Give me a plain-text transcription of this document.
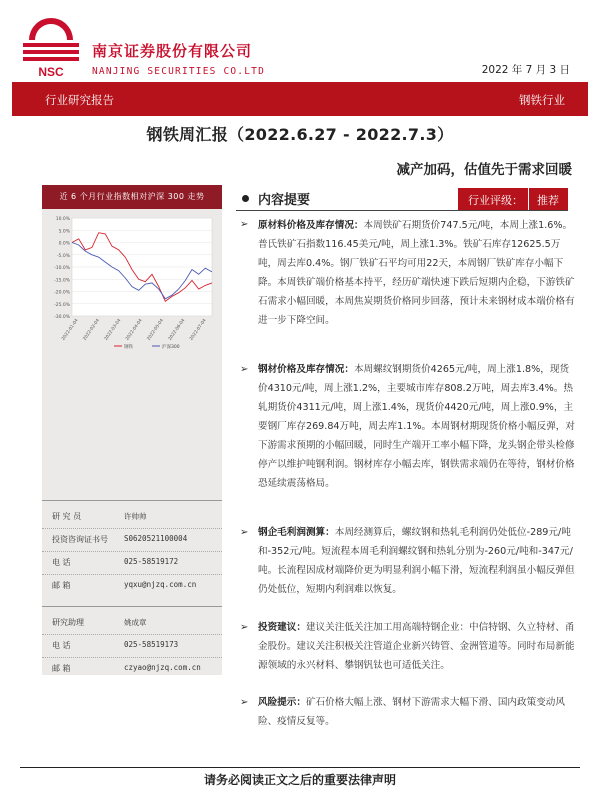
NSC
南京证券股份有限公司
NANJING SECURITIES CO.LTD	2022 年 7 月 3 日
行业研究报告	钢铁行业
钢铁周汇报（2022.6.27 - 2022.7.3）
减产加码，估值先于需求回暖
近 6 个月行业指数相对沪深 300 走势
10.0%
5.0%
0.0%
-5.0%
-10.0%
-15.0%
-20.0%
-25.0%
-30.0%
2022-01-04 2022-02-04 2022-03-04 2022-04-04 2022-05-04 2022-06-04 2022-07-04
钢铁	沪深300
研 究 员	许帅帅
投资咨询证书号	S0620521100004
电 话	025-58519172
邮 箱	yqxu@njzq.com.cn
研究助理	姚成章
电 话	025-58519173
邮 箱	czyao@njzq.com.cn
内容提要	行业评级： 推荐
➢ 原材料价格及库存情况：本周铁矿石期货价747.5元/吨，本周上涨1.6%。普氏铁矿石指数116.45美元/吨，周上涨1.3%。铁矿石库存12625.5万吨，周去库0.4%。钢厂铁矿石平均可用22天，本周钢厂铁矿库存小幅下降。本周铁矿端价格基本持平，经历矿端快速下跌后短期内企稳，下游铁矿石需求小幅回暖，本周焦炭期货价格同步回落，预计未来钢材成本端价格有进一步下降空间。

➢ 钢材价格及库存情况：本周螺纹钢期货价4265元/吨，周上涨1.8%，现货价4310元/吨，周上涨1.2%，主要城市库存808.2万吨，周去库3.4%。热轧期货价4311元/吨，周上涨1.4%，现货价4420元/吨，周上涨0.9%，主要钢厂库存269.84万吨，周去库1.1%。本周钢材期现货价格小幅反弹，对下游需求预期的小幅回暖，同时生产端开工率小幅下降，龙头钢企带头检修停产以维护吨钢利润。钢材库存小幅去库，钢铁需求端仍在等待，钢材价格恐延续震荡格局。

➢ 钢企毛利润测算：本周经测算后，螺纹钢和热轧毛利润仍处低位-289元/吨和-352元/吨。短流程本周毛利润螺纹钢和热轧分别为-260元/吨和-347元/吨。长流程因成材端降价更为明显利润小幅下滑，短流程利润虽小幅反弹但仍处低位，短期内利润难以恢复。

➢ 投资建议：建议关注低关注加工用高端特钢企业：中信特钢、久立特材、甬金股份。建议关注积极关注管道企业新兴铸管、金洲管道等。同时布局新能源领域的永兴材料、攀钢钒钛也可适低关注。

➢ 风险提示：矿石价格大幅上涨、钢材下游需求大幅下滑、国内政策变动风险、疫情反复等。

请务必阅读正文之后的重要法律声明
